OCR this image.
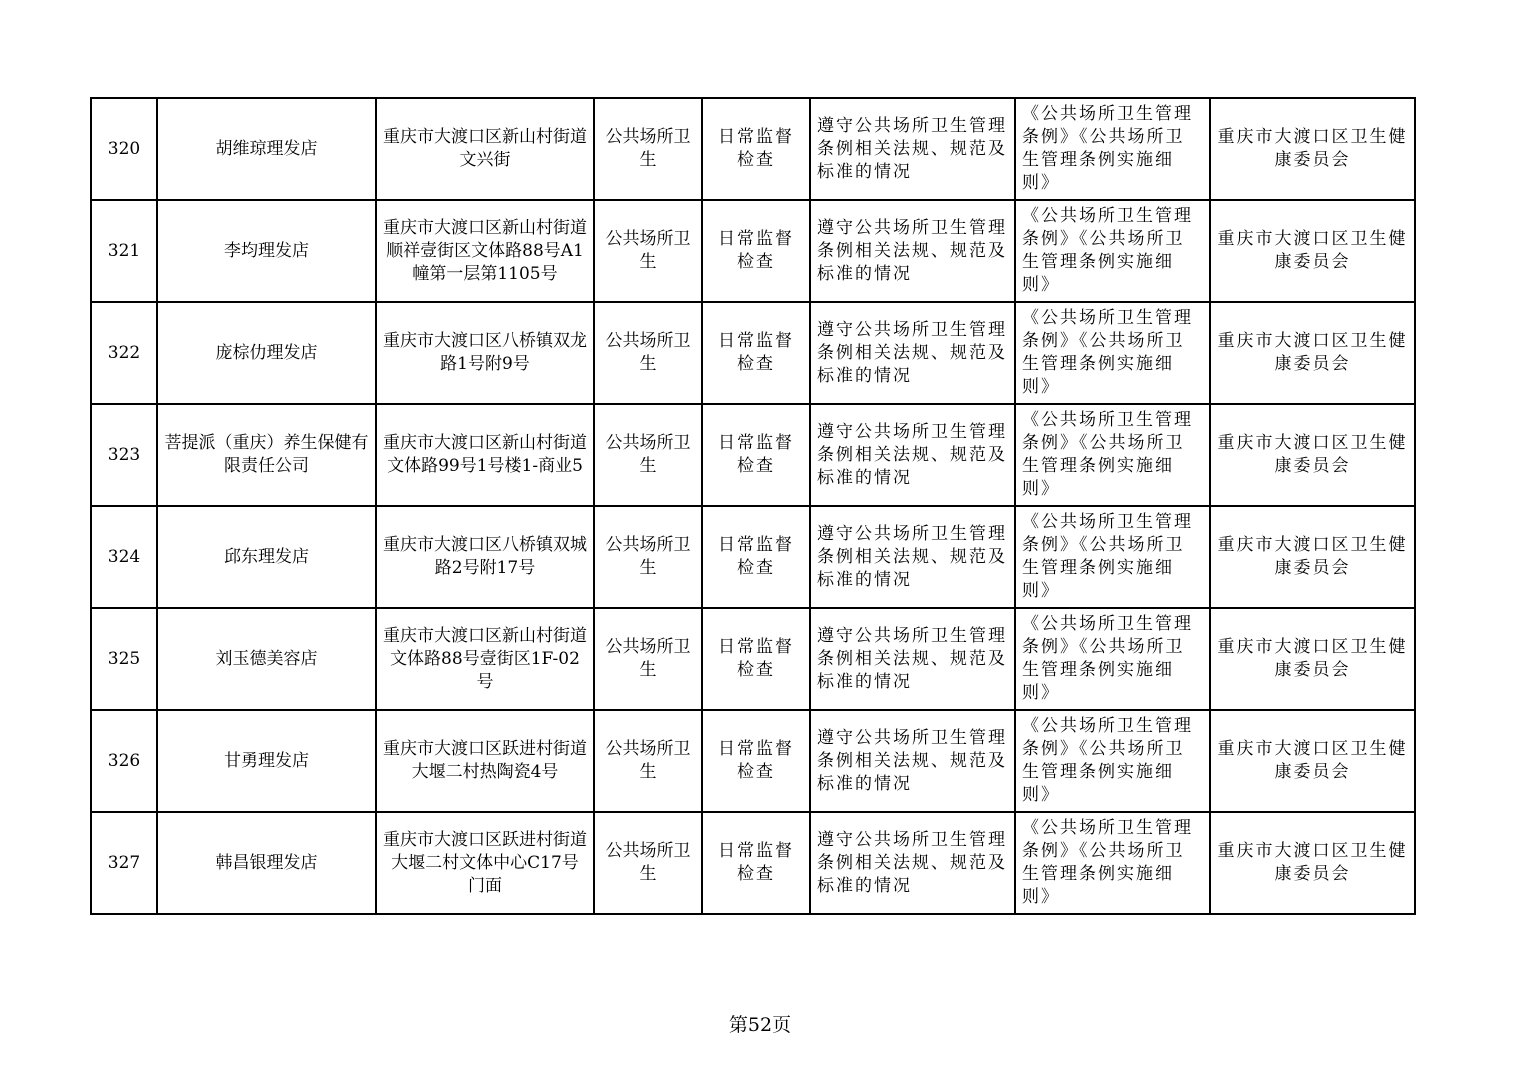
320	胡维琼理发店	重庆市大渡口区新山村街道文兴街	公共场所卫生	日常监督检查	遵守公共场所卫生管理条例相关法规、规范及标准的情况	《公共场所卫生管理条例》《公共场所卫生管理条例实施细则》	重庆市大渡口区卫生健康委员会
321	李均理发店	重庆市大渡口区新山村街道顺祥壹街区文体路88号A1幢第一层第1105号	公共场所卫生	日常监督检查	遵守公共场所卫生管理条例相关法规、规范及标准的情况	《公共场所卫生管理条例》《公共场所卫生管理条例实施细则》	重庆市大渡口区卫生健康委员会
322	庞棕仂理发店	重庆市大渡口区八桥镇双龙路1号附9号	公共场所卫生	日常监督检查	遵守公共场所卫生管理条例相关法规、规范及标准的情况	《公共场所卫生管理条例》《公共场所卫生管理条例实施细则》	重庆市大渡口区卫生健康委员会
323	菩提派（重庆）养生保健有限责任公司	重庆市大渡口区新山村街道文体路99号1号楼1-商业5	公共场所卫生	日常监督检查	遵守公共场所卫生管理条例相关法规、规范及标准的情况	《公共场所卫生管理条例》《公共场所卫生管理条例实施细则》	重庆市大渡口区卫生健康委员会
324	邱东理发店	重庆市大渡口区八桥镇双城路2号附17号	公共场所卫生	日常监督检查	遵守公共场所卫生管理条例相关法规、规范及标准的情况	《公共场所卫生管理条例》《公共场所卫生管理条例实施细则》	重庆市大渡口区卫生健康委员会
325	刘玉德美容店	重庆市大渡口区新山村街道文体路88号壹街区1F-02号	公共场所卫生	日常监督检查	遵守公共场所卫生管理条例相关法规、规范及标准的情况	《公共场所卫生管理条例》《公共场所卫生管理条例实施细则》	重庆市大渡口区卫生健康委员会
326	甘勇理发店	重庆市大渡口区跃进村街道大堰二村热陶瓷4号	公共场所卫生	日常监督检查	遵守公共场所卫生管理条例相关法规、规范及标准的情况	《公共场所卫生管理条例》《公共场所卫生管理条例实施细则》	重庆市大渡口区卫生健康委员会
327	韩昌银理发店	重庆市大渡口区跃进村街道大堰二村文体中心C17号门面	公共场所卫生	日常监督检查	遵守公共场所卫生管理条例相关法规、规范及标准的情况	《公共场所卫生管理条例》《公共场所卫生管理条例实施细则》	重庆市大渡口区卫生健康委员会
第52页
